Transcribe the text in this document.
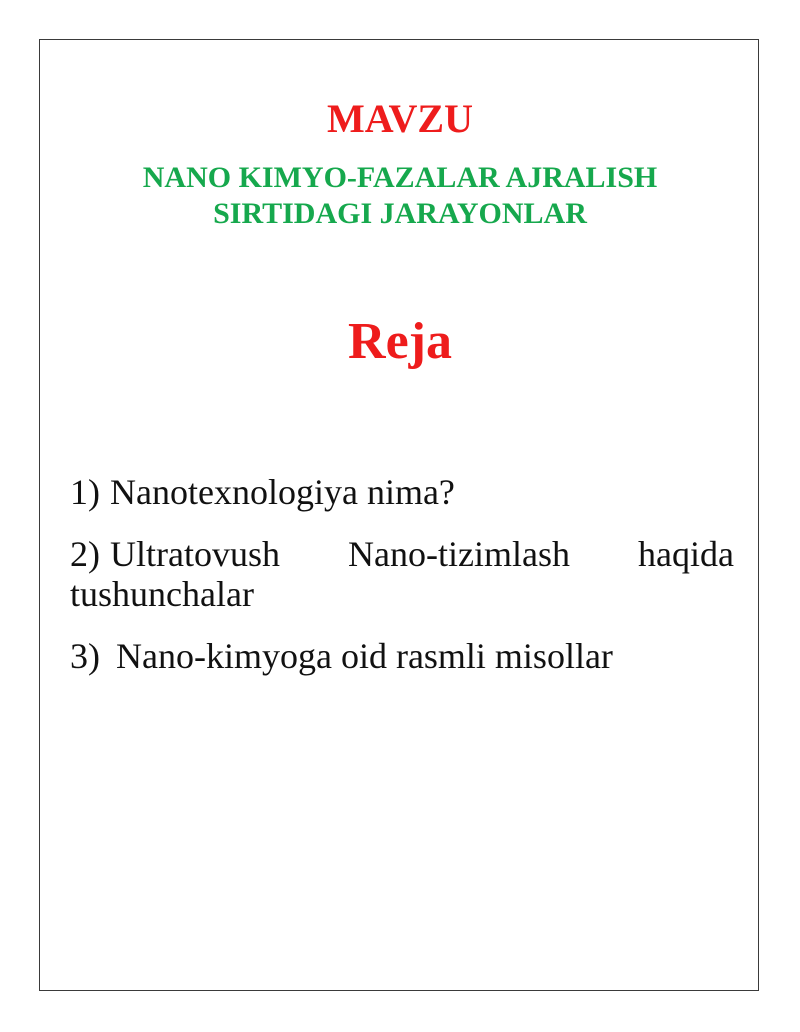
MAVZU
NANO KIMYO-FAZALAR AJRALISH
SIRTIDAGI JARAYONLAR
Reja
1) Nanotexnologiya nima?
2) Ultratovush Nano-tizimlash haqida tushunchalar
3) Nano-kimyoga oid rasmli misollar
